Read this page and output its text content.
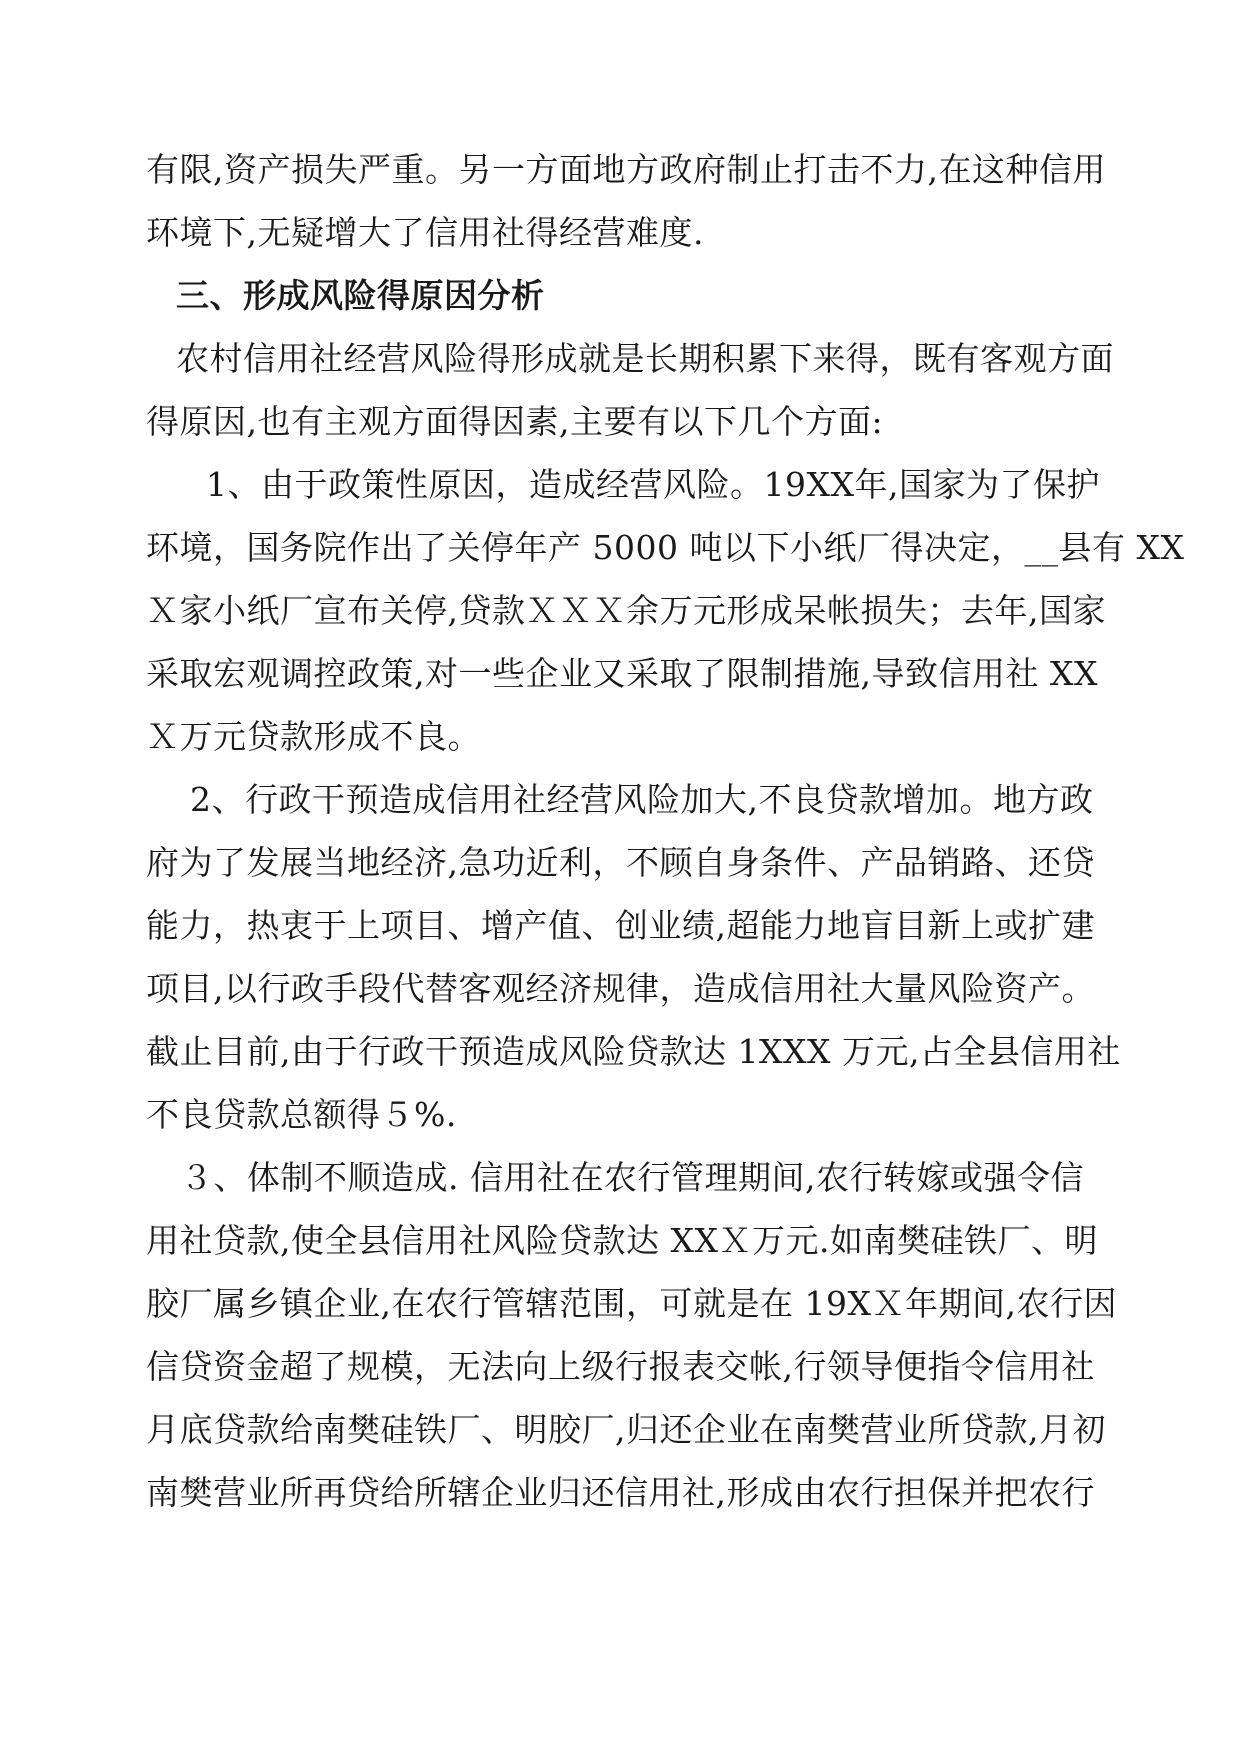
有限,资产损失严重。另一方面地方政府制止打击不力,在这种信用
环境下,无疑增大了信用社得经营难度.
三、形成风险得原因分析
农村信用社经营风险得形成就是长期积累下来得，既有客观方面
得原因,也有主观方面得因素,主要有以下几个方面:
1、由于政策性原因，造成经营风险。19XX年,国家为了保护
环境，国务院作出了关停年产 5000 吨以下小纸厂得决定，__县有 XX
Ｘ家小纸厂宣布关停,贷款ＸＸＸ余万元形成呆帐损失；去年,国家
采取宏观调控政策,对一些企业又采取了限制措施,导致信用社 XX
Ｘ万元贷款形成不良。
2、行政干预造成信用社经营风险加大,不良贷款增加。地方政
府为了发展当地经济,急功近利，不顾自身条件、产品销路、还贷
能力，热衷于上项目、增产值、创业绩,超能力地盲目新上或扩建
项目,以行政手段代替客观经济规律，造成信用社大量风险资产。
截止目前,由于行政干预造成风险贷款达 1XXX 万元,占全县信用社
不良贷款总额得５%.
３、体制不顺造成. 信用社在农行管理期间,农行转嫁或强令信
用社贷款,使全县信用社风险贷款达 XXＸ万元.如南樊硅铁厂、明
胶厂属乡镇企业,在农行管辖范围，可就是在 19XＸ年期间,农行因
信贷资金超了规模，无法向上级行报表交帐,行领导便指令信用社
月底贷款给南樊硅铁厂、明胶厂,归还企业在南樊营业所贷款,月初
南樊营业所再贷给所辖企业归还信用社,形成由农行担保并把农行
